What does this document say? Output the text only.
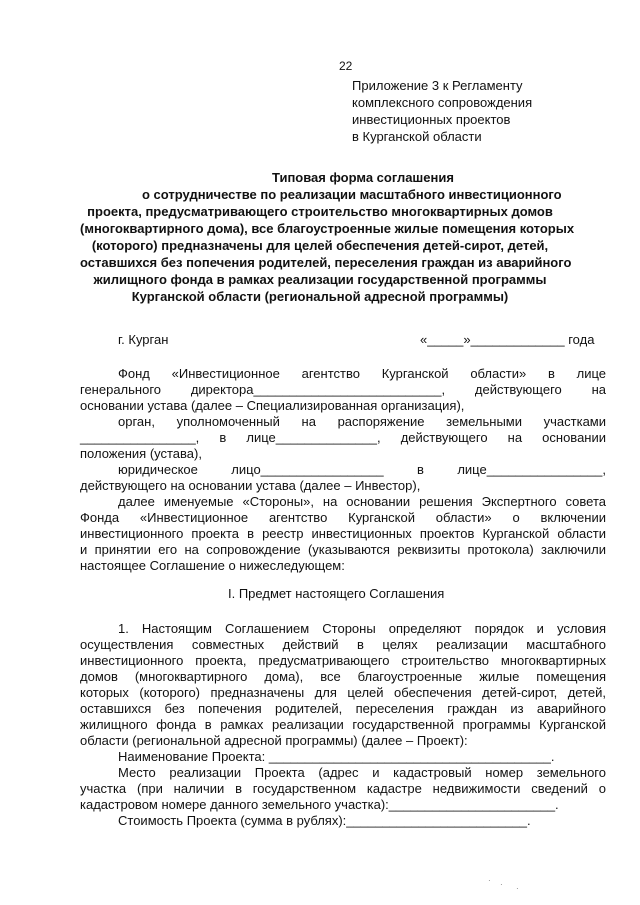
22
Приложение 3 к Регламенту
комплексного сопровождения
инвестиционных проектов
в Курганской области
Типовая форма соглашения
о сотрудничестве по реализации масштабного инвестиционного
проекта, предусматривающего строительство многоквартирных домов
(многоквартирного дома), все благоустроенные жилые помещения которых
(которого) предназначены для целей обеспечения детей-сирот, детей,
оставшихся без попечения родителей, переселения граждан из аварийного
жилищного фонда в рамках реализации государственной программы
Курганской области (региональной адресной программы)
г. Курган	«_____»_____________ года
Фонд «Инвестиционное агентство Курганской области» в лице
генерального директора__________________________, действующего на
основании устава (далее – Специализированная организация),
орган, уполномоченный на распоряжение земельными участками
________________, в лице______________, действующего на основании
положения (устава),
юридическое лицо_________________ в лице________________,
действующего на основании устава (далее – Инвестор),
далее именуемые «Стороны», на основании решения Экспертного совета
Фонда «Инвестиционное агентство Курганской области» о включении
инвестиционного проекта в реестр инвестиционных проектов Курганской области
и принятии его на сопровождение (указываются реквизиты протокола) заключили
настоящее Соглашение о нижеследующем:
I. Предмет настоящего Соглашения
1. Настоящим Соглашением Стороны определяют порядок и условия
осуществления совместных действий в целях реализации масштабного
инвестиционного проекта, предусматривающего строительство многоквартирных
домов (многоквартирного дома), все благоустроенные жилые помещения
которых (которого) предназначены для целей обеспечения детей-сирот, детей,
оставшихся без попечения родителей, переселения граждан из аварийного
жилищного фонда в рамках реализации государственной программы Курганской
области (региональной адресной программы) (далее – Проект):
Наименование Проекта: _______________________________________.
Место реализации Проекта (адрес и кадастровый номер земельного
участка (при наличии в государственном кадастре недвижимости сведений о
кадастровом номере данного земельного участка):_______________________.
Стоимость Проекта (сумма в рублях):_________________________.
· · ·
